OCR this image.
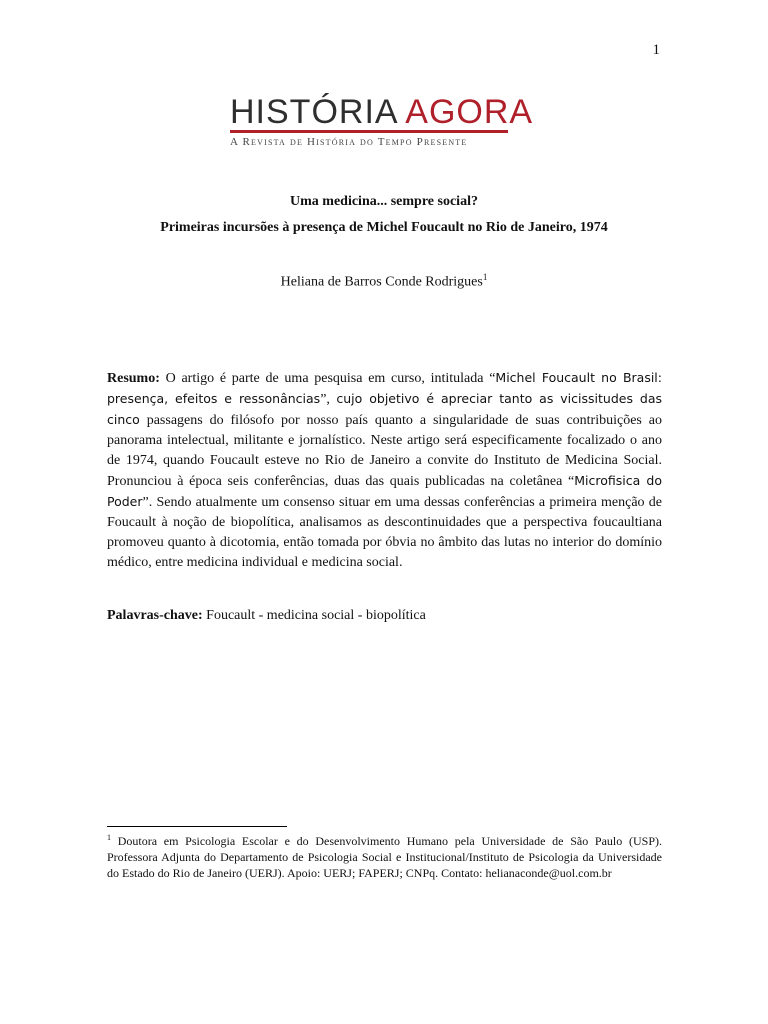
1
HISTÓRIA AGORA
A Revista de História do Tempo Presente
Uma medicina... sempre social?
Primeiras incursões à presença de Michel Foucault no Rio de Janeiro, 1974
Heliana de Barros Conde Rodrigues$^1$
Resumo: O artigo é parte de uma pesquisa em curso, intitulada “Michel Foucault no Brasil: presença, efeitos e ressonâncias”, cujo objetivo é apreciar tanto as vicissitudes das cinco passagens do filósofo por nosso país quanto a singularidade de suas contribuições ao panorama intelectual, militante e jornalístico. Neste artigo será especificamente focalizado o ano de 1974, quando Foucault esteve no Rio de Janeiro a convite do Instituto de Medicina Social. Pronunciou à época seis conferências, duas das quais publicadas na coletânea “Microfisica do Poder”. Sendo atualmente um consenso situar em uma dessas conferências a primeira menção de Foucault à noção de biopolítica, analisamos as descontinuidades que a perspectiva foucaultiana promoveu quanto à dicotomia, então tomada por óbvia no âmbito das lutas no interior do domínio médico, entre medicina individual e medicina social.
Palavras-chave: Foucault - medicina social - biopolítica
$^1$ Doutora em Psicologia Escolar e do Desenvolvimento Humano pela Universidade de São Paulo (USP). Professora Adjunta do Departamento de Psicologia Social e Institucional/Instituto de Psicologia da Universidade do Estado do Rio de Janeiro (UERJ). Apoio: UERJ; FAPERJ; CNPq. Contato: helianaconde@uol.com.br
